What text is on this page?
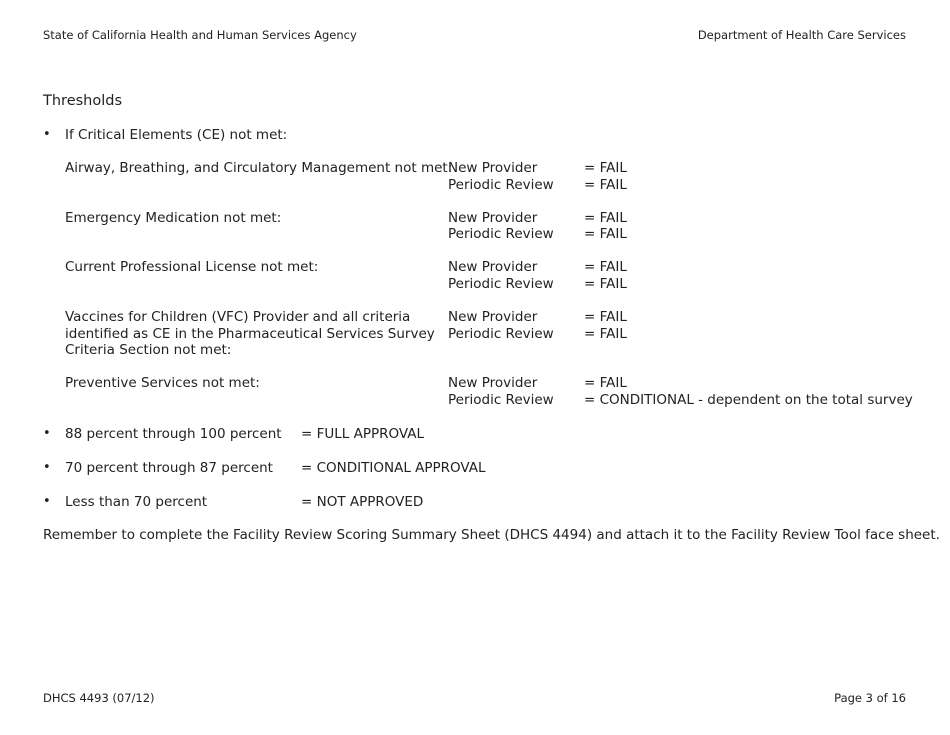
State of California Health and Human Services Agency	Department of Health Care Services
Thresholds
• If Critical Elements (CE) not met:
Airway, Breathing, and Circulatory Management not met:
New Provider	= FAIL
Periodic Review = FAIL
Emergency Medication not met:	New Provider	= FAIL
Periodic Review = FAIL
Current Professional License not met:	New Provider	= FAIL
Periodic Review = FAIL
Vaccines for Children (VFC) Provider and all criteria
identified as CE in the Pharmaceutical Services Survey
Criteria Section not met:
New Provider	= FAIL
Periodic Review = FAIL
Preventive Services not met:	New Provider	= FAIL
Periodic Review = CONDITIONAL - dependent on the total survey
• 88 percent through 100 percent = FULL APPROVAL
• 70 percent through 87 percent = CONDITIONAL APPROVAL
• Less than 70 percent	= NOT APPROVED
Remember to complete the Facility Review Scoring Summary Sheet (DHCS 4494) and attach it to the Facility Review Tool face sheet.
DHCS 4493 (07/12)	Page 3 of 16
